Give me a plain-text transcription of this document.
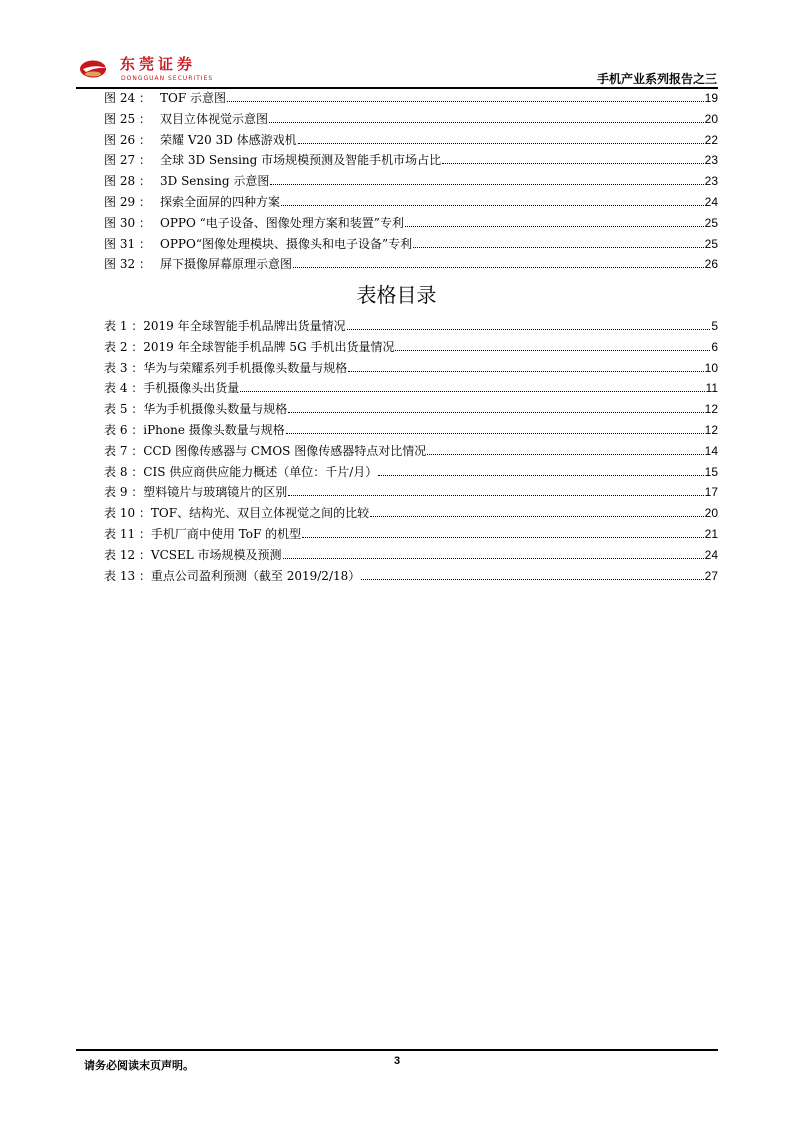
东莞证券
DONGGUAN SECURITIES	手机产业系列报告之三
图 24 ： TOF 示意图	19
图 25 ： 双目立体视觉示意图	20
图 26 ： 荣耀 V20 3D 体感游戏机	22
图 27 ： 全球 3D Sensing 市场规模预测及智能手机市场占比	23
图 28 ： 3D Sensing 示意图	23
图 29 ： 探索全面屏的四种方案	24
图 30 ： OPPO “电子设备、图像处理方案和装置”专利	25
图 31 ： OPPO“图像处理模块、摄像头和电子设备”专利	25
图 32 ： 屏下摄像屏幕原理示意图	26
表格目录
表 1 ： 2019 年全球智能手机品牌出货量情况	5
表 2 ： 2019 年全球智能手机品牌 5G 手机出货量情况	6
表 3 ： 华为与荣耀系列手机摄像头数量与规格	10
表 4 ： 手机摄像头出货量	11
表 5 ： 华为手机摄像头数量与规格	12
表 6 ： iPhone 摄像头数量与规格	12
表 7 ： CCD 图像传感器与 CMOS 图像传感器特点对比情况	14
表 8 ： CIS 供应商供应能力概述（单位：千片/月）	15
表 9 ： 塑料镜片与玻璃镜片的区别	17
表 10 ： TOF、结构光、双目立体视觉之间的比较	20
表 11 ： 手机厂商中使用 ToF 的机型	21
表 12 ： VCSEL 市场规模及预测	24
表 13 ： 重点公司盈利预测（截至 2019/2/18）	27
请务必阅读末页声明。	3
